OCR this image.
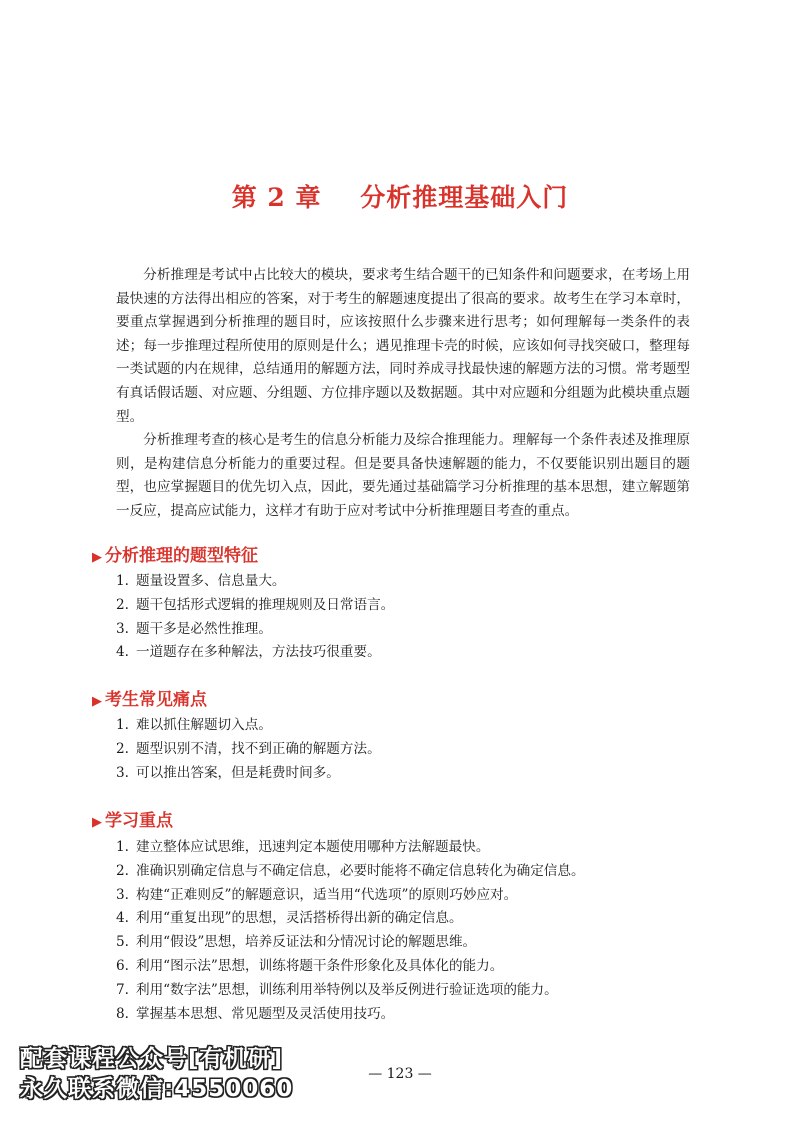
第 2 章    分析推理基础入门

分析推理是考试中占比较大的模块，要求考生结合题干的已知条件和问题要求，在考场上用最快速的方法得出相应的答案，对于考生的解题速度提出了很高的要求。故考生在学习本章时，要重点掌握遇到分析推理的题目时，应该按照什么步骤来进行思考；如何理解每一类条件的表述；每一步推理过程所使用的原则是什么；遇见推理卡壳的时候，应该如何寻找突破口，整理每一类试题的内在规律，总结通用的解题方法，同时养成寻找最快速的解题方法的习惯。常考题型有真话假话题、对应题、分组题、方位排序题以及数据题。其中对应题和分组题为此模块重点题型。

分析推理考查的核心是考生的信息分析能力及综合推理能力。理解每一个条件表述及推理原则，是构建信息分析能力的重要过程。但是要具备快速解题的能力，不仅要能识别出题目的题型，也应掌握题目的优先切入点，因此，要先通过基础篇学习分析推理的基本思想，建立解题第一反应，提高应试能力，这样才有助于应对考试中分析推理题目考查的重点。

▶ 分析推理的题型特征
1. 题量设置多、信息量大。
2. 题干包括形式逻辑的推理规则及日常语言。
3. 题干多是必然性推理。
4. 一道题存在多种解法，方法技巧很重要。
▶ 考生常见痛点
1. 难以抓住解题切入点。
2. 题型识别不清，找不到正确的解题方法。
3. 可以推出答案，但是耗费时间多。
▶ 学习重点
1. 建立整体应试思维，迅速判定本题使用哪种方法解题最快。
2. 准确识别确定信息与不确定信息，必要时能将不确定信息转化为确定信息。
3. 构建“正难则反”的解题意识，适当用“代选项”的原则巧妙应对。
4. 利用“重复出现”的思想，灵活搭桥得出新的确定信息。
5. 利用“假设”思想，培养反证法和分情况讨论的解题思维。
6. 利用“图示法”思想，训练将题干条件形象化及具体化的能力。
7. 利用“数字法”思想，训练利用举特例以及举反例进行验证选项的能力。
8. 掌握基本思想、常见题型及灵活使用技巧。
配套课程公众号[有机研]
永久联系微信:4550060
— 123 —
